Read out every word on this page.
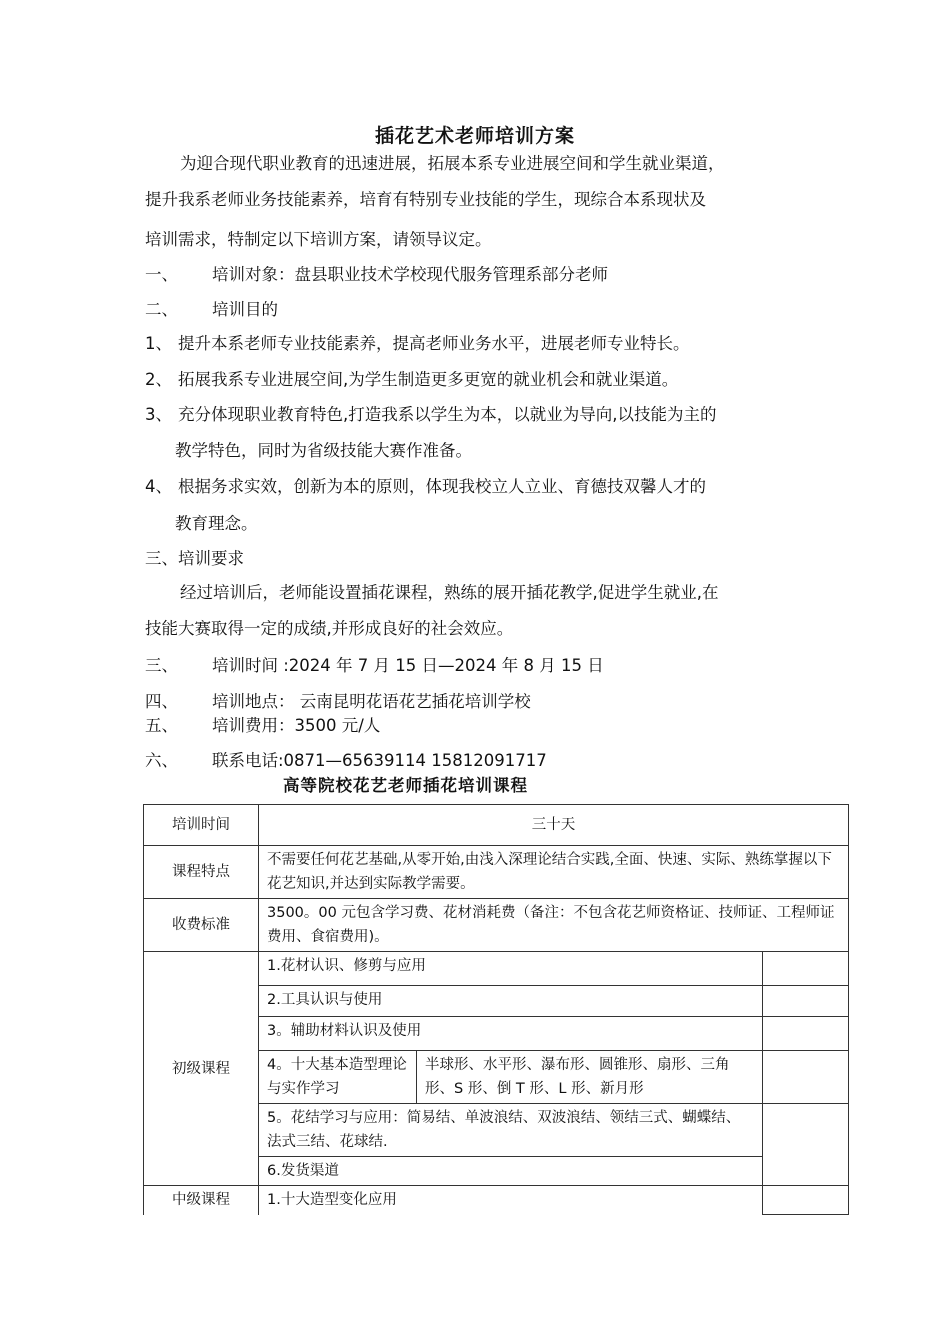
插花艺术老师培训方案
为迎合现代职业教育的迅速进展，拓展本系专业进展空间和学生就业渠道，
提升我系老师业务技能素养，培育有特别专业技能的学生，现综合本系现状及
培训需求，特制定以下培训方案，请领导议定。
一、 培训对象：盘县职业技术学校现代服务管理系部分老师
二、 培训目的
1、 提升本系老师专业技能素养，提高老师业务水平，进展老师专业特长。
2、 拓展我系专业进展空间,为学生制造更多更宽的就业机会和就业渠道。
3、 充分体现职业教育特色,打造我系以学生为本，以就业为导向,以技能为主的
教学特色，同时为省级技能大赛作准备。
4、 根据务求实效，创新为本的原则，体现我校立人立业、育德技双馨人才的
教育理念。
三、培训要求
经过培训后，老师能设置插花课程，熟练的展开插花教学,促进学生就业,在
技能大赛取得一定的成绩,并形成良好的社会效应。
三、 培训时间 :2024 年 7 月 15 日—2024 年 8 月 15 日
四、 培训地点： 云南昆明花语花艺插花培训学校
五、 培训费用：3500 元/人
六、 联系电话:0871—65639114 15812091717
高等院校花艺老师插花培训课程
培训时间	三十天		
课程特点	不需要任何花艺基础,从零开始,由浅入深理论结合实践,全面、快速、实际、熟练掌握以下花艺知识,并达到实际教学需要。		
收费标准	3500。00 元包含学习费、花材消耗费（备注：不包含花艺师资格证、技师证、工程师证费用、食宿费用)。		
初级课程	1.花材认识、修剪与应用		
	2.工具认识与使用		
	3。辅助材料认识及使用		
	4。十大基本造型理论与实作学习	半球形、水平形、瀑布形、圆锥形、扇形、三角形、S 形、倒 T 形、L 形、新月形	
	5。花结学习与应用：简易结、单波浪结、双波浪结、领结三式、蝴蝶结、法式三结、花球结.		
	6.发货渠道		
中级课程	1.十大造型变化应用		
